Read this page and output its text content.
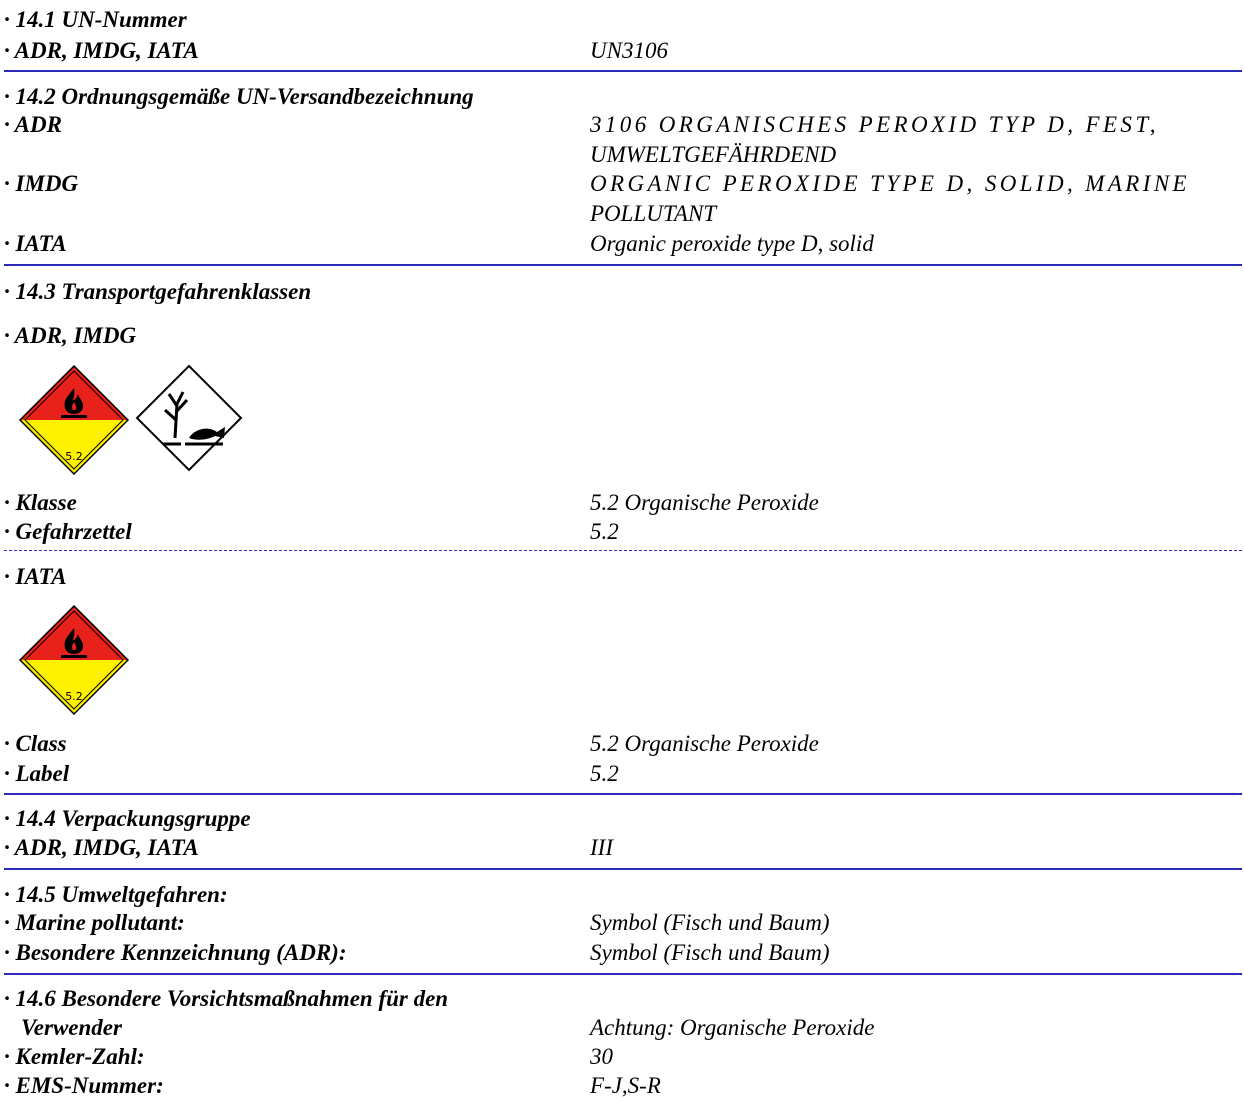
· 14.1 UN-Nummer
· ADR, IMDG, IATA	UN3106
· 14.2 Ordnungsgemäße UN-Versandbezeichnung
· ADR	3106 ORGANISCHES PEROXID TYP D, FEST,
UMWELTGEFÄHRDEND
· IMDG	ORGANIC PEROXIDE TYPE D, SOLID, MARINE
POLLUTANT
· IATA	Organic peroxide type D, solid
· 14.3 Transportgefahrenklassen
· ADR, IMDG
5.2
· Klasse	5.2 Organische Peroxide
· Gefahrzettel	5.2
· IATA
5.2
· Class	5.2 Organische Peroxide
· Label	5.2
· 14.4 Verpackungsgruppe
· ADR, IMDG, IATA	III
· 14.5 Umweltgefahren:
· Marine pollutant:	Symbol (Fisch und Baum)
· Besondere Kennzeichnung (ADR):	Symbol (Fisch und Baum)
· 14.6 Besondere Vorsichtsmaßnahmen für den
Verwender	Achtung: Organische Peroxide
· Kemler-Zahl:	30
· EMS-Nummer:	F-J,S-R
